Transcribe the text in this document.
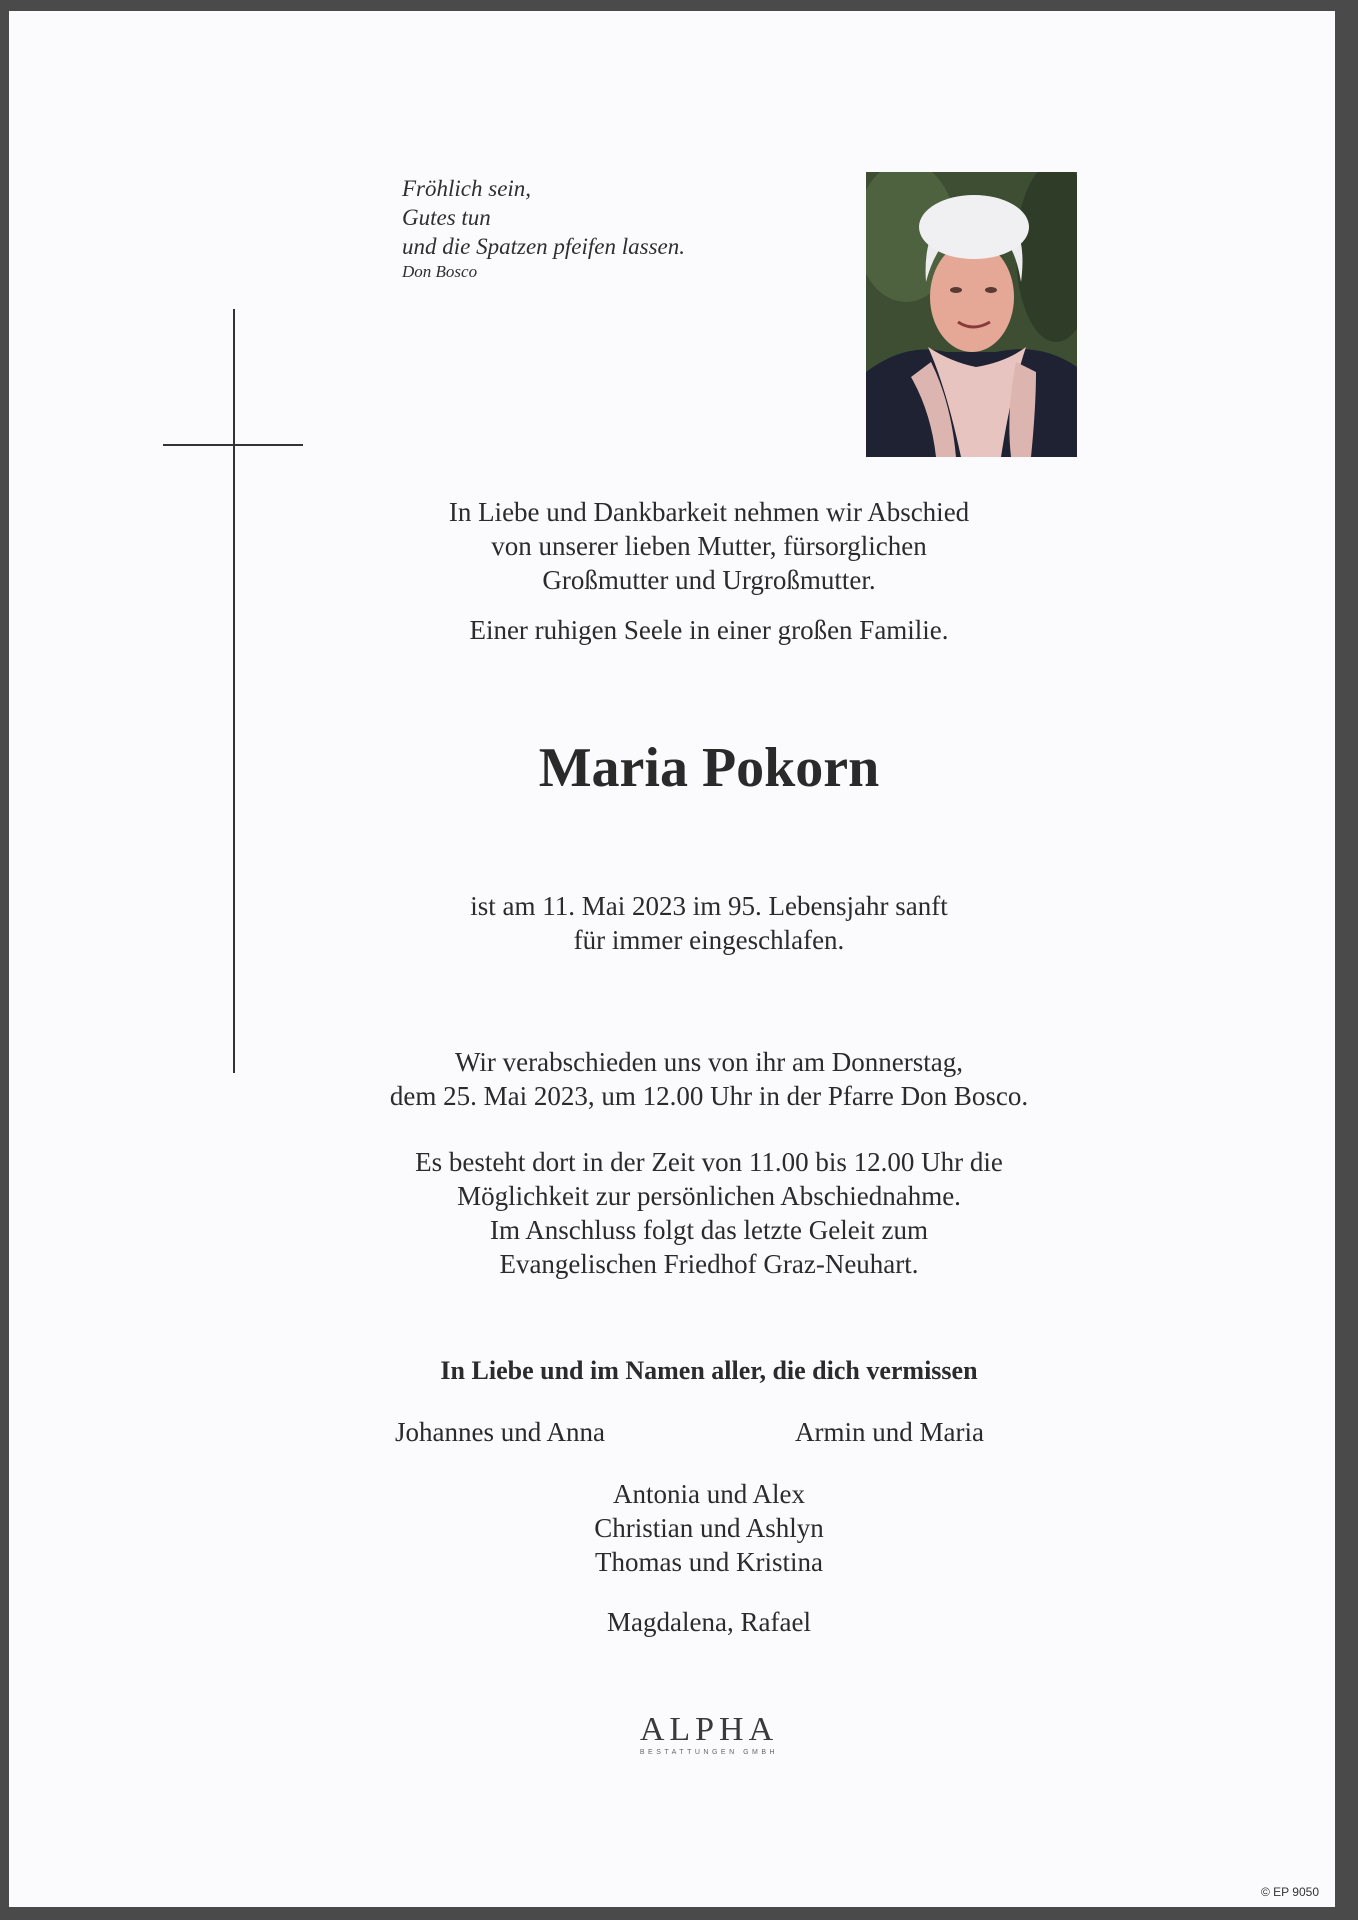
Fröhlich sein,
Gutes tun
und die Spatzen pfeifen lassen.
Don Bosco
In Liebe und Dankbarkeit nehmen wir Abschied
von unserer lieben Mutter, fürsorglichen
Großmutter und Urgroßmutter.
Einer ruhigen Seele in einer großen Familie.
Maria Pokorn
ist am 11. Mai 2023 im 95. Lebensjahr sanft
für immer eingeschlafen.
Wir verabschieden uns von ihr am Donnerstag,
dem 25. Mai 2023, um 12.00 Uhr in der Pfarre Don Bosco.
Es besteht dort in der Zeit von 11.00 bis 12.00 Uhr die
Möglichkeit zur persönlichen Abschiednahme.
Im Anschluss folgt das letzte Geleit zum
Evangelischen Friedhof Graz-Neuhart.
In Liebe und im Namen aller, die dich vermissen
Johannes und Anna	Armin und Maria
Antonia und Alex
Christian und Ashlyn
Thomas und Kristina
Magdalena, Rafael
ALPHA
BESTATTUNGEN GMBH
© EP 9050
